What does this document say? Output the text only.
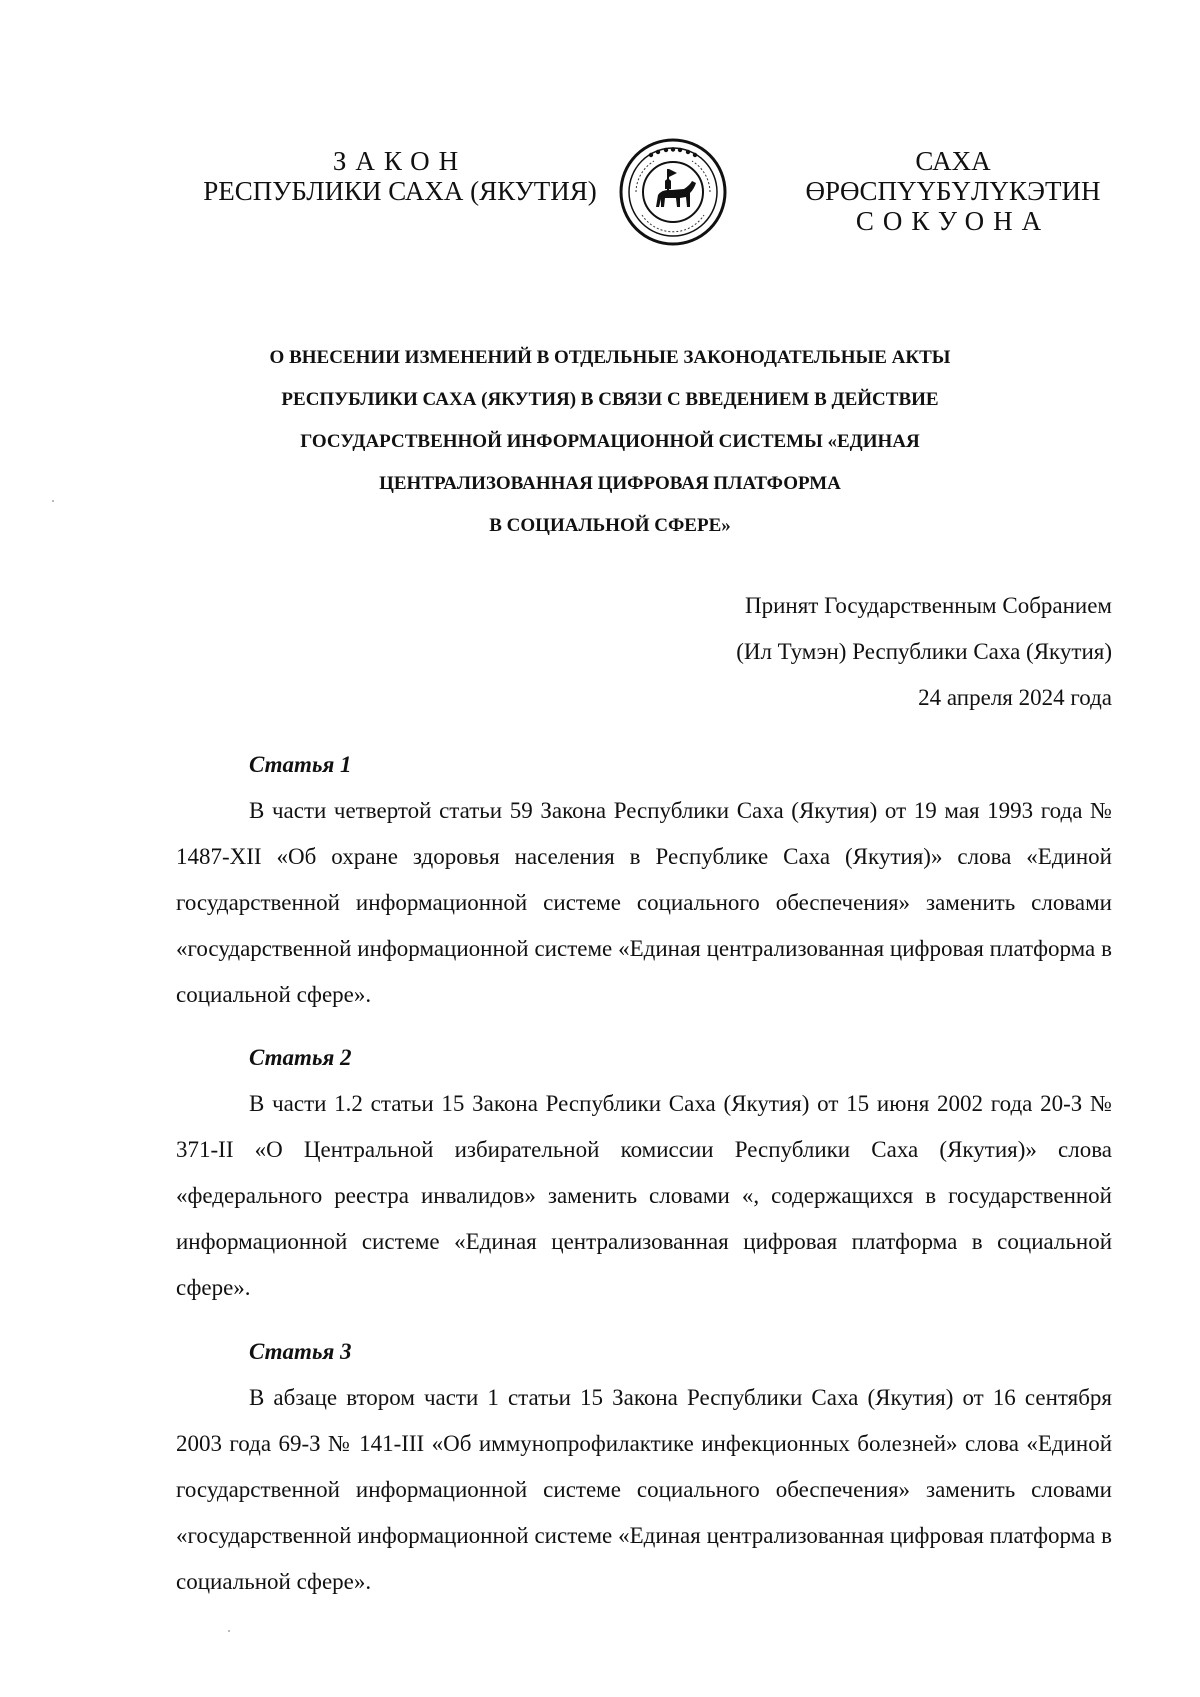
ЗАКОН
РЕСПУБЛИКИ САХА (ЯКУТИЯ)
САХА ӨРӨСПҮҮБҮЛҮКЭТИН
СОКУОНА
О ВНЕСЕНИИ ИЗМЕНЕНИЙ В ОТДЕЛЬНЫЕ ЗАКОНОДАТЕЛЬНЫЕ АКТЫ
РЕСПУБЛИКИ САХА (ЯКУТИЯ) В СВЯЗИ С ВВЕДЕНИЕМ В ДЕЙСТВИЕ
ГОСУДАРСТВЕННОЙ ИНФОРМАЦИОННОЙ СИСТЕМЫ «ЕДИНАЯ
ЦЕНТРАЛИЗОВАННАЯ ЦИФРОВАЯ ПЛАТФОРМА
В СОЦИАЛЬНОЙ СФЕРЕ»
Принят Государственным Собранием
(Ил Тумэн) Республики Саха (Якутия)
24 апреля 2024 года
Статья 1

В части четвертой статьи 59 Закона Республики Саха (Якутия) от 19 мая 1993 года № 1487-XII «Об охране здоровья населения в Республике Саха (Якутия)» слова «Единой государственной информационной системе социального обеспечения» заменить словами «государственной информационной системе «Единая централизованная цифровая платформа в социальной сфере».

Статья 2

В части 1.2 статьи 15 Закона Республики Саха (Якутия) от 15 июня 2002 года 20-З № 371-II «О Центральной избирательной комиссии Республики Саха (Якутия)» слова «федерального реестра инвалидов» заменить словами «, содержащихся в государственной информационной системе «Единая централизованная цифровая платформа в социальной сфере».

Статья 3

В абзаце втором части 1 статьи 15 Закона Республики Саха (Якутия) от 16 сентября 2003 года 69-З № 141-III «Об иммунопрофилактике инфекционных болезней» слова «Единой государственной информационной системе социального обеспечения» заменить словами «государственной информационной системе «Единая централизованная цифровая платформа в социальной сфере».
